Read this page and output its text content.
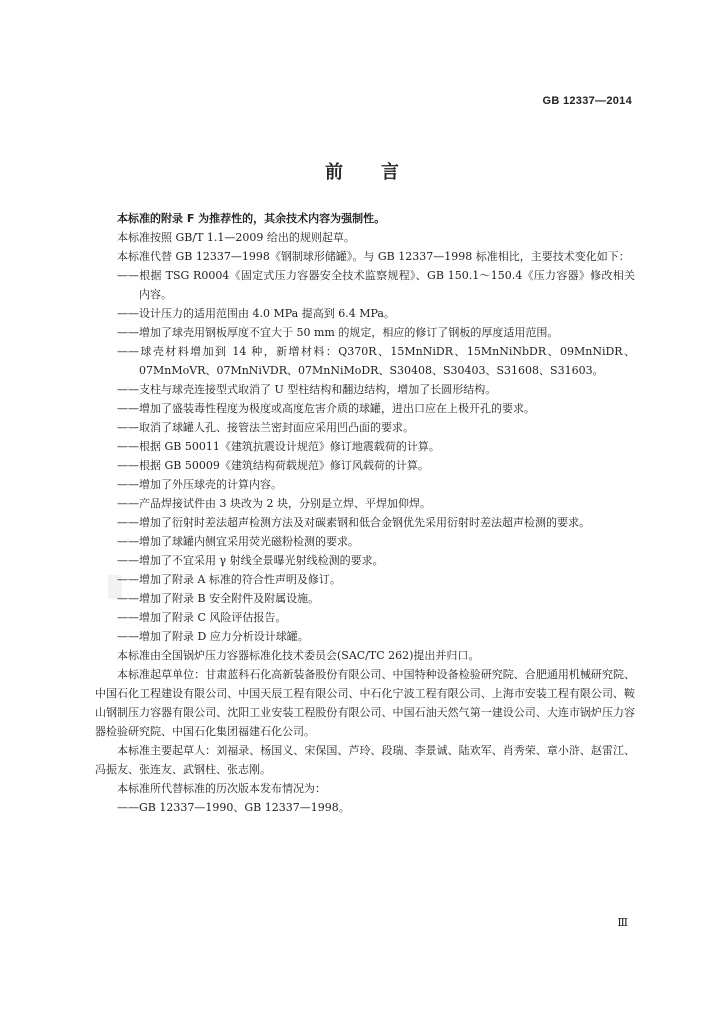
GB 12337—2014
前言

本标准的附录 F 为推荐性的，其余技术内容为强制性。

本标准按照 GB/T 1.1—2009 给出的规则起草。

本标准代替 GB 12337—1998《钢制球形储罐》。与 GB 12337—1998 标准相比，主要技术变化如下：

——根据 TSG R0004《固定式压力容器安全技术监察规程》、GB 150.1～150.4《压力容器》修改相关内容。
——设计压力的适用范围由 4.0 MPa 提高到 6.4 MPa。
——增加了球壳用钢板厚度不宜大于 50 mm 的规定，相应的修订了钢板的厚度适用范围。
——球壳材料增加到 14 种，新增材料：Q370R、15MnNiDR、15MnNiNbDR、09MnNiDR、07MnMoVR、07MnNiVDR、07MnNiMoDR、S30408、S30403、S31608、S31603。
——支柱与球壳连接型式取消了 U 型柱结构和翻边结构，增加了长圆形结构。
——增加了盛装毒性程度为极度或高度危害介质的球罐，进出口应在上极开孔的要求。
——取消了球罐人孔、接管法兰密封面应采用凹凸面的要求。
——根据 GB 50011《建筑抗震设计规范》修订地震载荷的计算。
——根据 GB 50009《建筑结构荷载规范》修订风载荷的计算。
——增加了外压球壳的计算内容。
——产品焊接试件由 3 块改为 2 块，分别是立焊、平焊加仰焊。
——增加了衍射时差法超声检测方法及对碳素钢和低合金钢优先采用衍射时差法超声检测的要求。
——增加了球罐内侧宜采用荧光磁粉检测的要求。
——增加了不宜采用 γ 射线全景曝光射线检测的要求。
——增加了附录 A 标准的符合性声明及修订。
——增加了附录 B 安全附件及附属设施。
——增加了附录 C 风险评估报告。
——增加了附录 D 应力分析设计球罐。

本标准由全国锅炉压力容器标准化技术委员会(SAC/TC 262)提出并归口。

本标准起草单位：甘肃蓝科石化高新装备股份有限公司、中国特种设备检验研究院、合肥通用机械研究院、中国石化工程建设有限公司、中国天辰工程有限公司、中石化宁波工程有限公司、上海市安装工程有限公司、鞍山钢制压力容器有限公司、沈阳工业安装工程股份有限公司、中国石油天然气第一建设公司、大连市锅炉压力容器检验研究院、中国石化集团福建石化公司。

本标准主要起草人：刘福录、杨国义、宋保国、芦玲、段瑞、李景诚、陆欢军、肖秀荣、章小浒、赵雷江、冯振友、张连友、武钢柱、张志刚。

本标准所代替标准的历次版本发布情况为：

——GB 12337—1990、GB 12337—1998。

Ⅲ
